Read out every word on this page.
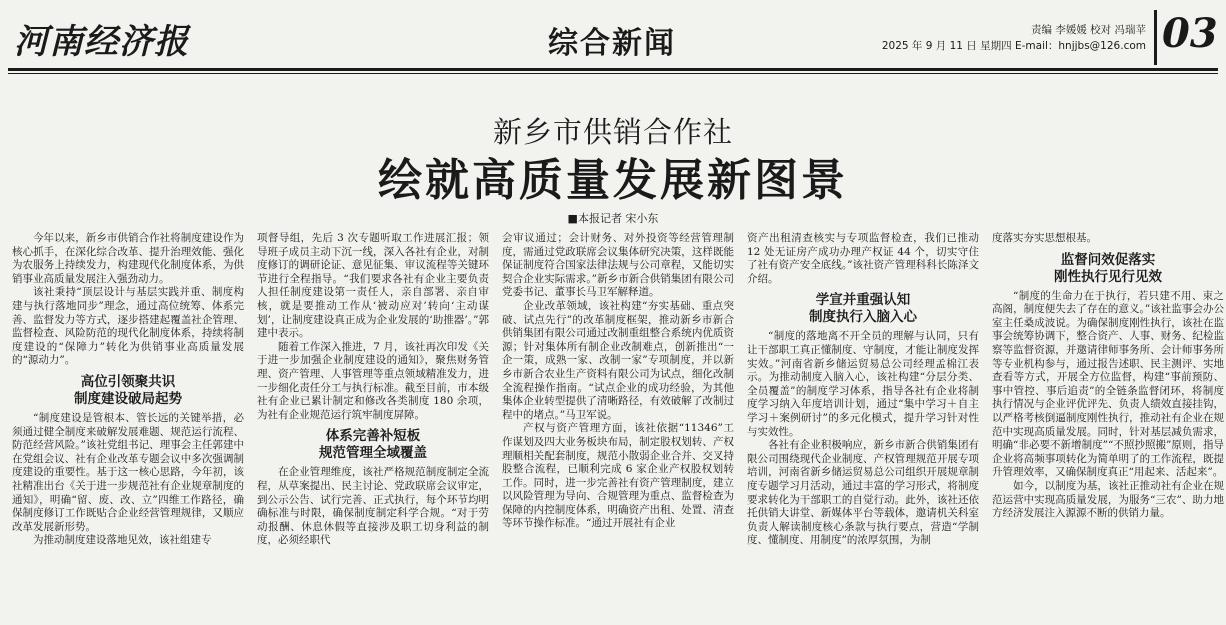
河南经济报	综合新闻	责编 李媛媛 校对 冯瑞苹
2025 年 9 月 11 日 星期四 E-mail：hnjjbs@126.com 03
新乡市供销合作社
绘就高质量发展新图景
■本报记者 宋小东

今年以来，新乡市供销合作社将制度建设作为核心抓手，在深化综合改革、提升治理效能、强化为农服务上持续发力，构建现代化制度体系，为供销事业高质量发展注入强劲动力。

该社秉持“顶层设计与基层实践并重、制度构建与执行落地同步”理念，通过高位统筹、体系完善、监督发力等方式，逐步搭建起覆盖社企管理、监督检查、风险防范的现代化制度体系，持续将制度建设的“保障力”转化为供销事业高质量发展的“源动力”。

高位引领聚共识
制度建设破局起势

“制度建设是管根本、管长远的关键举措，必须通过健全制度来破解发展难题、规范运行流程、防范经营风险。”该社党组书记、理事会主任郭建中在党组会议、社有企业改革专题会议中多次强调制度建设的重要性。基于这一核心思路，今年初，该社精准出台《关于进一步规范社有企业规章制度的通知》，明确“留、废、改、立”四维工作路径，确保制度修订工作既贴合企业经营管理规律，又顺应改革发展新形势。

为推动制度建设落地见效，该社组建专

项督导组，先后 3 次专题听取工作进展汇报；领导班子成员主动下沉一线，深入各社有企业，对制度修订的调研论证、意见征集、审议流程等关键环节进行全程指导。“我们要求各社有企业主要负责人担任制度建设第一责任人，亲自部署、亲自审核，就是要推动工作从‘被动应对’转向‘主动谋划’，让制度建设真正成为企业发展的‘助推器’。”郭建中表示。

随着工作深入推进，7 月，该社再次印发《关于进一步加强企业制度建设的通知》，聚焦财务管理、资产管理、人事管理等重点领域精准发力，进一步细化责任分工与执行标准。截至目前，市本级社有企业已累计制定和修改各类制度 180 余项，为社有企业规范运行筑牢制度屏障。

体系完善补短板
规范管理全域覆盖

在企业管理维度，该社严格规范制度制定全流程，从草案提出、民主讨论、党政联席会议审定，到公示公告、试行完善、正式执行，每个环节均明确标准与时限，确保制度制定科学合规。“对于劳动报酬、休息休假等直接涉及职工切身利益的制度，必须经职代

会审议通过；会计财务、对外投资等经营管理制度，需通过党政联席会议集体研究决策，这样既能保证制度符合国家法律法规与公司章程，又能切实契合企业实际需求。”新乡市新合供销集团有限公司党委书记、董事长马卫军解释道。

企业改革领域，该社构建“夯实基础、重点突破、试点先行”的改革制度框架，推动新乡市新合供销集团有限公司通过改制重组整合系统内优质资源；针对集体所有制企业改制难点，创新推出“一企一策，成熟一家、改制一家”专项制度，并以新乡市新合农业生产资料有限公司为试点，细化改制全流程操作指南。“试点企业的成功经验，为其他集体企业转型提供了清晰路径，有效破解了改制过程中的堵点。”马卫军说。

产权与资产管理方面，该社依据“11346”工作谋划及四大业务板块布局，制定股权划转、产权理顺相关配套制度，规范小散弱企业合并、交叉持股整合流程，已顺利完成 6 家企业产权股权划转工作。同时，进一步完善社有资产管理制度，建立以风险管理为导向、合规管理为重点、监督检查为保障的内控制度体系，明确资产出租、处置、清查等环节操作标准。“通过开展社有企业

资产出租清查核实与专项监督检查，我们已推动 12 处无证房产成功办理产权证 44 个，切实守住了社有资产安全底线。”该社资产管理科科长陈泽文介绍。

学宣并重强认知
制度执行入脑入心

“制度的落地离不开全员的理解与认同，只有让干部职工真正懂制度、守制度，才能让制度发挥实效。”河南省新乡储运贸易总公司经理孟棉江表示。为推动制度入脑入心，该社构建“分层分类、全员覆盖”的制度学习体系，指导各社有企业将制度学习纳入年度培训计划，通过“集中学习＋自主学习＋案例研讨”的多元化模式，提升学习针对性与实效性。

各社有企业积极响应，新乡市新合供销集团有限公司围绕现代企业制度、产权管理规范开展专项培训，河南省新乡储运贸易总公司组织开展规章制度专题学习月活动，通过丰富的学习形式，将制度要求转化为干部职工的自觉行动。此外，该社还依托供销大讲堂、新媒体平台等载体，邀请机关科室负责人解读制度核心条款与执行要点，营造“学制度、懂制度、用制度”的浓厚氛围，为制

度落实夯实思想根基。

监督问效促落实
刚性执行见行见效

“制度的生命力在于执行，若只建不用、束之高阁，制度便失去了存在的意义。”该社监事会办公室主任桑成波说。为确保制度刚性执行，该社在监事会统筹协调下，整合资产、人事、财务、纪检监察等监督资源，并邀请律师事务所、会计师事务所等专业机构参与，通过报告述职、民主测评、实地查看等方式，开展全方位监督，构建“事前预防、事中管控、事后追责”的全链条监督闭环，将制度执行情况与企业评优评先、负责人绩效直接挂钩，以严格考核倒逼制度刚性执行，推动社有企业在规范中实现高质量发展。同时，针对基层减负需求，明确“非必要不新增制度”“不照抄照搬”原则，指导企业将高频事项转化为简单明了的工作流程，既提升管理效率，又确保制度真正“用起来、活起来”。

如今，以制度为基，该社正推动社有企业在规范运营中实现高质量发展，为服务“三农”、助力地方经济发展注入源源不断的供销力量。
